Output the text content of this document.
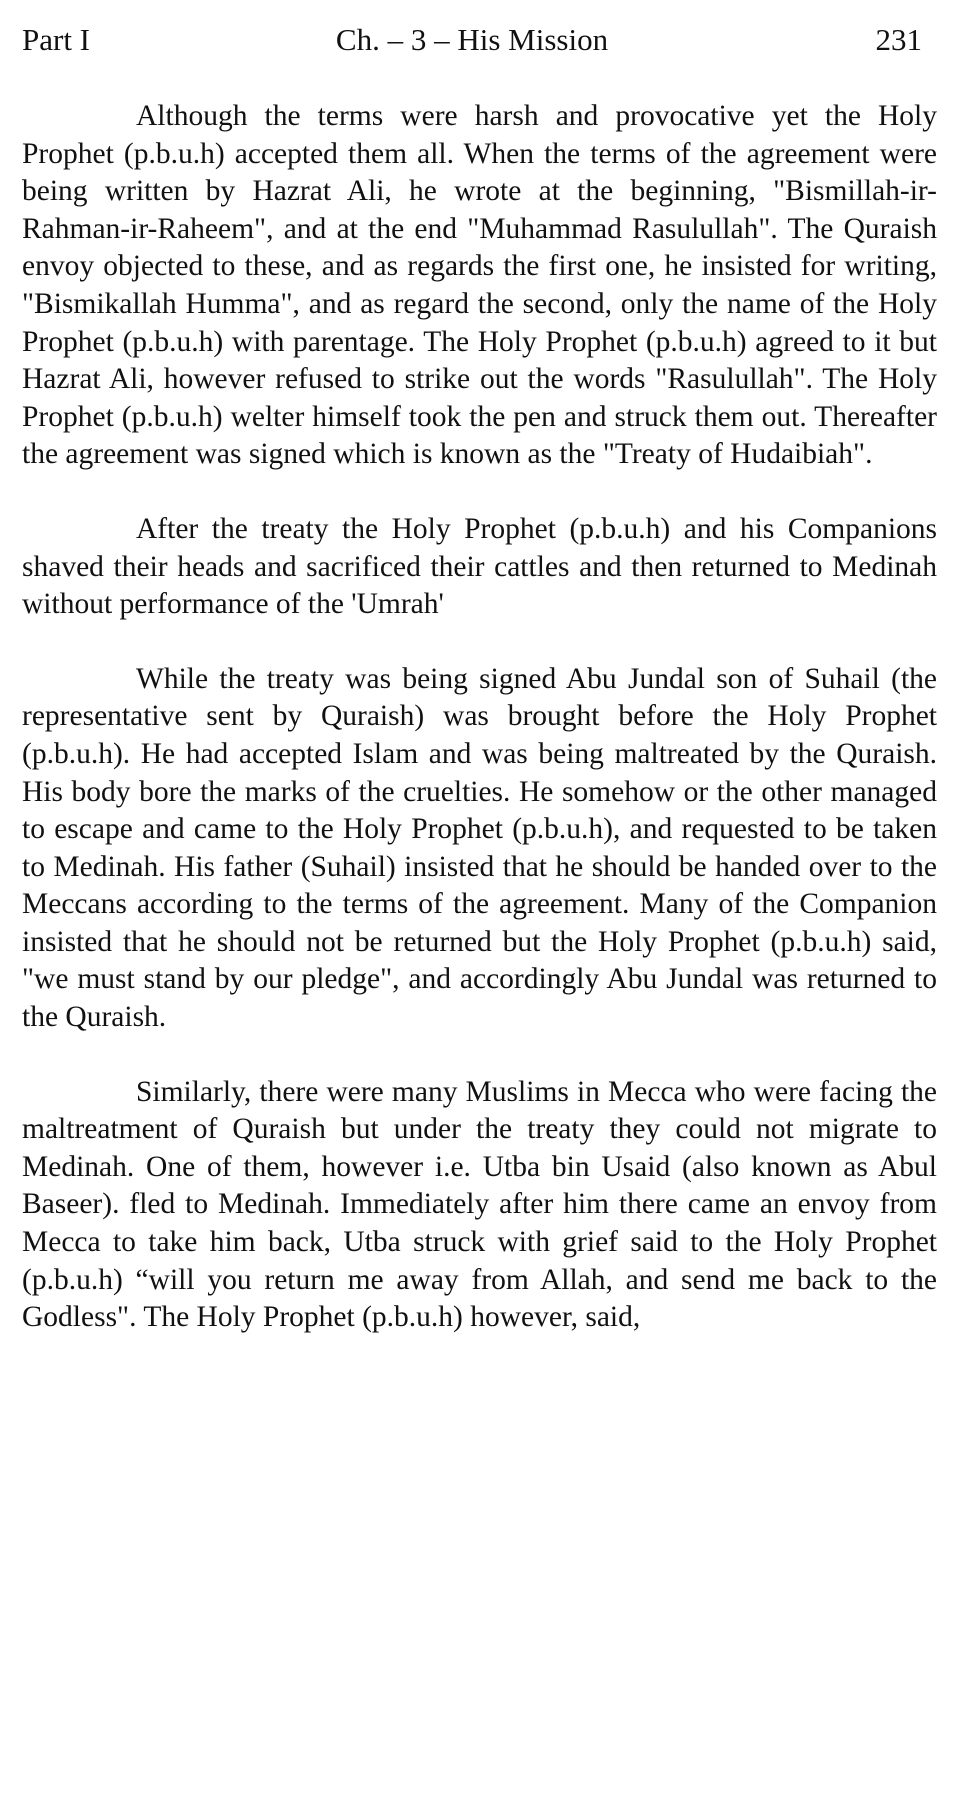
Part I	Ch. – 3 – His Mission	231

Although the terms were harsh and provocative yet the Holy Prophet (p.b.u.h) accepted them all. When the terms of the agreement were being written by Hazrat Ali, he wrote at the beginning, "Bismillah-ir-Rahman-ir-Raheem", and at the end "Muhammad Rasulullah". The Quraish envoy objected to these, and as regards the first one, he insisted for writing, "Bismikallah Humma", and as regard the second, only the name of the Holy Prophet (p.b.u.h) with parentage. The Holy Prophet (p.b.u.h) agreed to it but Hazrat Ali, however refused to strike out the words "Rasulullah". The Holy Prophet (p.b.u.h) welter himself took the pen and struck them out. Thereafter the agreement was signed which is known as the "Treaty of Hudaibiah".

After the treaty the Holy Prophet (p.b.u.h) and his Companions shaved their heads and sacrificed their cattles and then returned to Medinah without performance of the 'Umrah'

While the treaty was being signed Abu Jundal son of Suhail (the representative sent by Quraish) was brought before the Holy Prophet (p.b.u.h). He had accepted Islam and was being maltreated by the Quraish. His body bore the marks of the cruelties. He somehow or the other managed to escape and came to the Holy Prophet (p.b.u.h), and requested to be taken to Medinah. His father (Suhail) insisted that he should be handed over to the Meccans according to the terms of the agreement. Many of the Companion insisted that he should not be returned but the Holy Prophet (p.b.u.h) said, "we must stand by our pledge", and accordingly Abu Jundal was returned to the Quraish.

Similarly, there were many Muslims in Mecca who were facing the maltreatment of Quraish but under the treaty they could not migrate to Medinah. One of them, however i.e. Utba bin Usaid (also known as Abul Baseer). fled to Medinah. Immediately after him there came an envoy from Mecca to take him back, Utba struck with grief said to the Holy Prophet (p.b.u.h) “will you return me away from Allah, and send me back to the Godless". The Holy Prophet (p.b.u.h) however, said,
